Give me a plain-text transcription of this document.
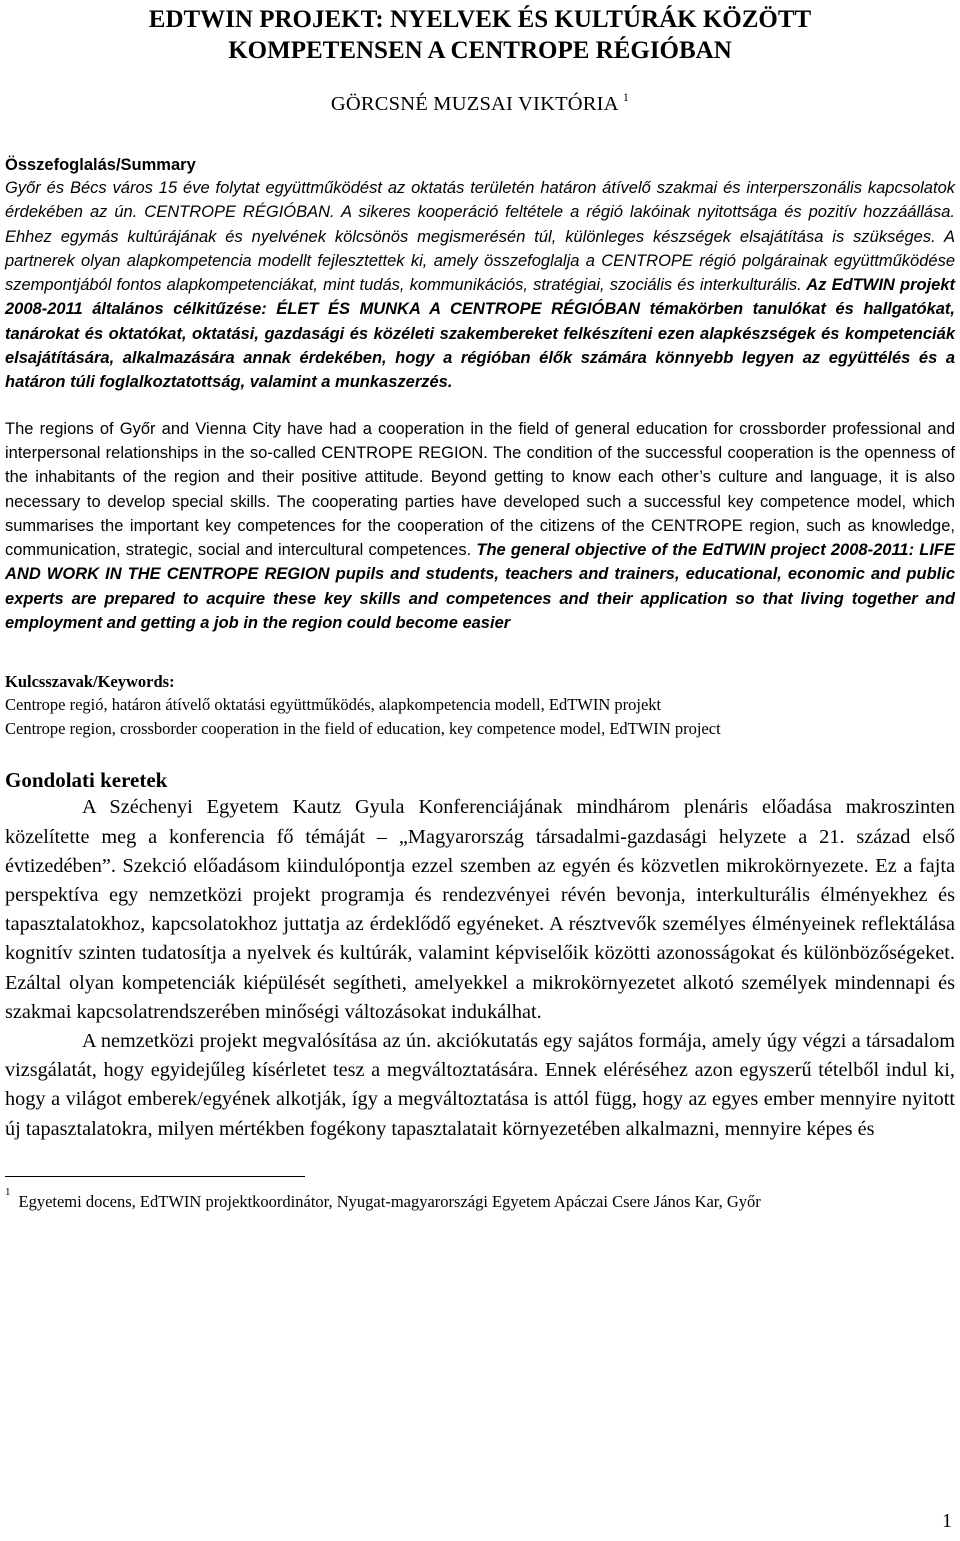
EDTWIN PROJEKT: NYELVEK ÉS KULTÚRÁK KÖZÖTT
KOMPETENSEN A CENTROPE RÉGIÓBAN
GÖRCSNÉ MUZSAI VIKTÓRIA $^1$
Összefoglalás/Summary

Győr és Bécs város 15 éve folytat együttműködést az oktatás területén határon átívelő szakmai és interperszonális kapcsolatok érdekében az ún. CENTROPE RÉGIÓBAN. A sikeres kooperáció feltétele a régió lakóinak nyitottsága és pozitív hozzáállása. Ehhez egymás kultúrájának és nyelvének kölcsönös megismerésén túl, különleges készségek elsajátítása is szükséges. A partnerek olyan alapkompetencia modellt fejlesztettek ki, amely összefoglalja a CENTROPE régió polgárainak együttműködése szempontjából fontos alapkompetenciákat, mint tudás, kommunikációs, stratégiai, szociális és interkulturális. Az EdTWIN projekt 2008-2011 általános célkitűzése: ÉLET ÉS MUNKA A CENTROPE RÉGIÓBAN témakörben tanulókat és hallgatókat, tanárokat és oktatókat, oktatási, gazdasági és közéleti szakembereket felkészíteni ezen alapkészségek és kompetenciák elsajátítására, alkalmazására annak érdekében, hogy a régióban élők számára könnyebb legyen az együttélés és a határon túli foglalkoztatottság, valamint a munkaszerzés.

The regions of Győr and Vienna City have had a cooperation in the field of general education for crossborder professional and interpersonal relationships in the so-called CENTROPE REGION. The condition of the successful cooperation is the openness of the inhabitants of the region and their positive attitude. Beyond getting to know each other’s culture and language, it is also necessary to develop special skills. The cooperating parties have developed such a successful key competence model, which summarises the important key competences for the cooperation of the citizens of the CENTROPE region, such as knowledge, communication, strategic, social and intercultural competences. The general objective of the EdTWIN project 2008-2011: LIFE AND WORK IN THE CENTROPE REGION pupils and students, teachers and trainers, educational, economic and public experts are prepared to acquire these key skills and competences and their application so that living together and employment and getting a job in the region could become easier

Kulcsszavak/Keywords:
Centrope regió, határon átívelő oktatási együttműködés, alapkompetencia modell, EdTWIN projekt
Centrope region, crossborder cooperation in the field of education, key competence model, EdTWIN project
Gondolati keretek

A Széchenyi Egyetem Kautz Gyula Konferenciájának mindhárom plenáris előadása makroszinten közelítette meg a konferencia fő témáját – „Magyarország társadalmi-gazdasági helyzete a 21. század első évtizedében”. Szekció előadásom kiindulópontja ezzel szemben az egyén és közvetlen mikrokörnyezete. Ez a fajta perspektíva egy nemzetközi projekt programja és rendezvényei révén bevonja, interkulturális élményekhez és tapasztalatokhoz, kapcsolatokhoz juttatja az érdeklődő egyéneket. A résztvevők személyes élményeinek reflektálása kognitív szinten tudatosítja a nyelvek és kultúrák, valamint képviselőik közötti azonosságokat és különbözőségeket. Ezáltal olyan kompetenciák kiépülését segítheti, amelyekkel a mikrokörnyezetet alkotó személyek mindennapi és szakmai kapcsolatrendszerében minőségi változásokat indukálhat.

A nemzetközi projekt megvalósítása az ún. akciókutatás egy sajátos formája, amely úgy végzi a társadalom vizsgálatát, hogy egyidejűleg kísérletet tesz a megváltoztatására. Ennek eléréséhez azon egyszerű tételből indul ki, hogy a világot emberek/egyének alkotják, így a megváltoztatása is attól függ, hogy az egyes ember mennyire nyitott új tapasztalatokra, milyen mértékben fogékony tapasztalatait környezetében alkalmazni, mennyire képes és

$^1$ Egyetemi docens, EdTWIN projektkoordinátor, Nyugat-magyarországi Egyetem Apáczai Csere János Kar, Győr
1
